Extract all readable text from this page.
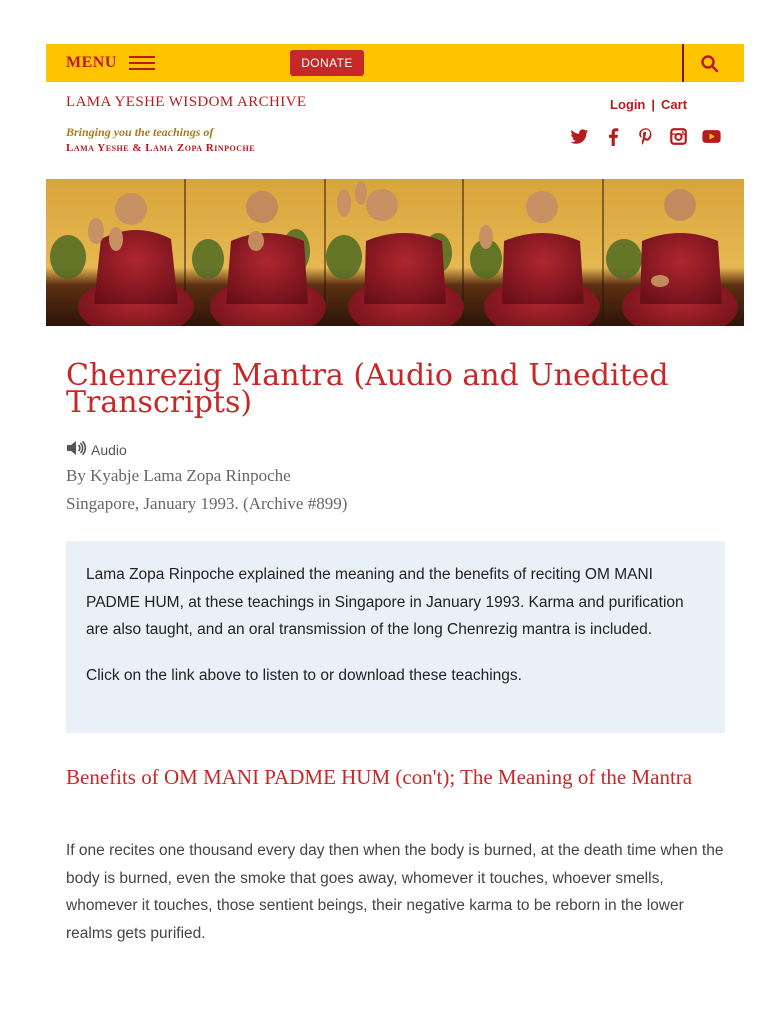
MENU	DONATE
LAMA YESHE WISDOM ARCHIVE
Bringing you the teachings of
Lama Yeshe & Lama Zopa Rinpoche
Login | Cart
Chenrezig Mantra (Audio and Unedited Transcripts)
Audio
By Kyabje Lama Zopa Rinpoche
Singapore, January 1993. (Archive #899)

Lama Zopa Rinpoche explained the meaning and the benefits of reciting OM MANI PADME HUM, at these teachings in Singapore in January 1993. Karma and purification are also taught, and an oral transmission of the long Chenrezig mantra is included.

Click on the link above to listen to or download these teachings.

Benefits of OM MANI PADME HUM (con't); The Meaning of the Mantra

If one recites one thousand every day then when the body is burned, at the death time when the body is burned, even the smoke that goes away, whomever it touches, whoever smells, whomever it touches, those sentient beings, their negative karma to be reborn in the lower realms gets purified.
